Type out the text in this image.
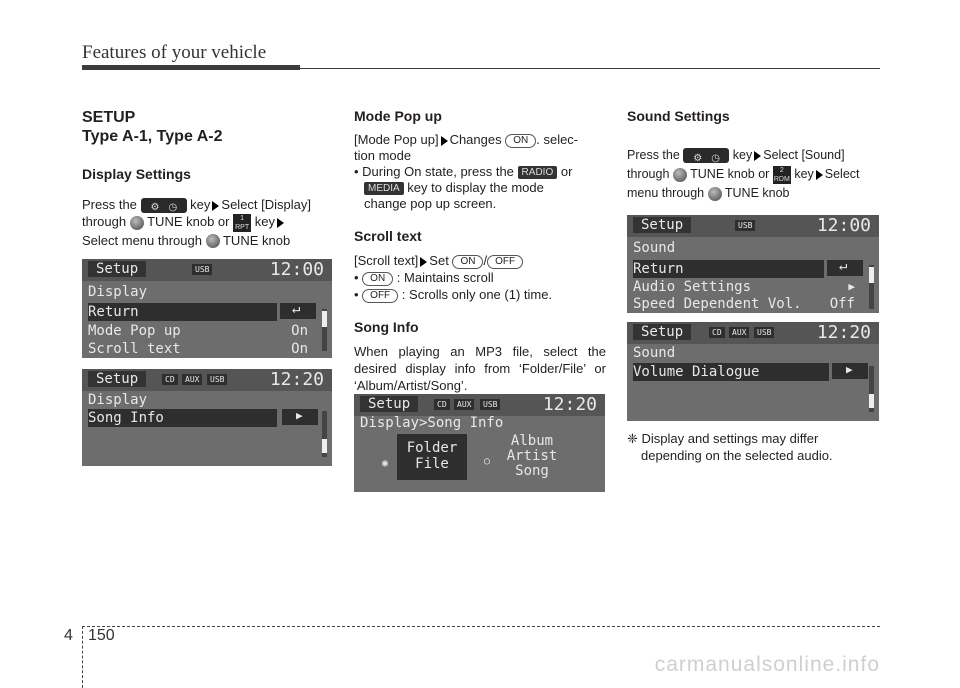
Features of your vehicle
SETUP
Type A-1, Type A-2
Display Settings
Press the ⚙ ◷ key Select [Display]
through TUNE knob or 1
RPT key
Select menu through TUNE knob
Setup	USB	12:00
Display
Return	↵
Mode Pop up	On
Scroll text	On
Setup	CD	AUX	USB	12:20
Display
Song Info	▶
Mode Pop up
[Mode Pop up] Changes ON . selec-
tion mode
• During On state, press the RADIO or
MEDIA key to display the mode
change pop up screen.
Scroll text
[Scroll text] Set ON / OFF
• ON : Maintains scroll
• OFF : Scrolls only one (1) time.
Song Info
When playing an MP3 file, select the desired display info from ‘Folder/File’ or ‘Album/Artist/Song’.
Setup	CD	AUX	USB	12:20
Display>Song Info
◉
Folder
File	○
Album
Artist
Song
Sound Settings
Press the ⚙ ◷ key Select [Sound]
through TUNE knob or 2
RDM key Select
menu through TUNE knob
Setup	USB	12:00
Sound
Return	↵
Audio Settings	▶
Speed Dependent Vol. Off
Setup	CD	AUX	USB	12:20
Sound
Volume Dialogue	▶
❈ Display and settings may differ depending on the selected audio.
4 150
carmanualsonline.info
